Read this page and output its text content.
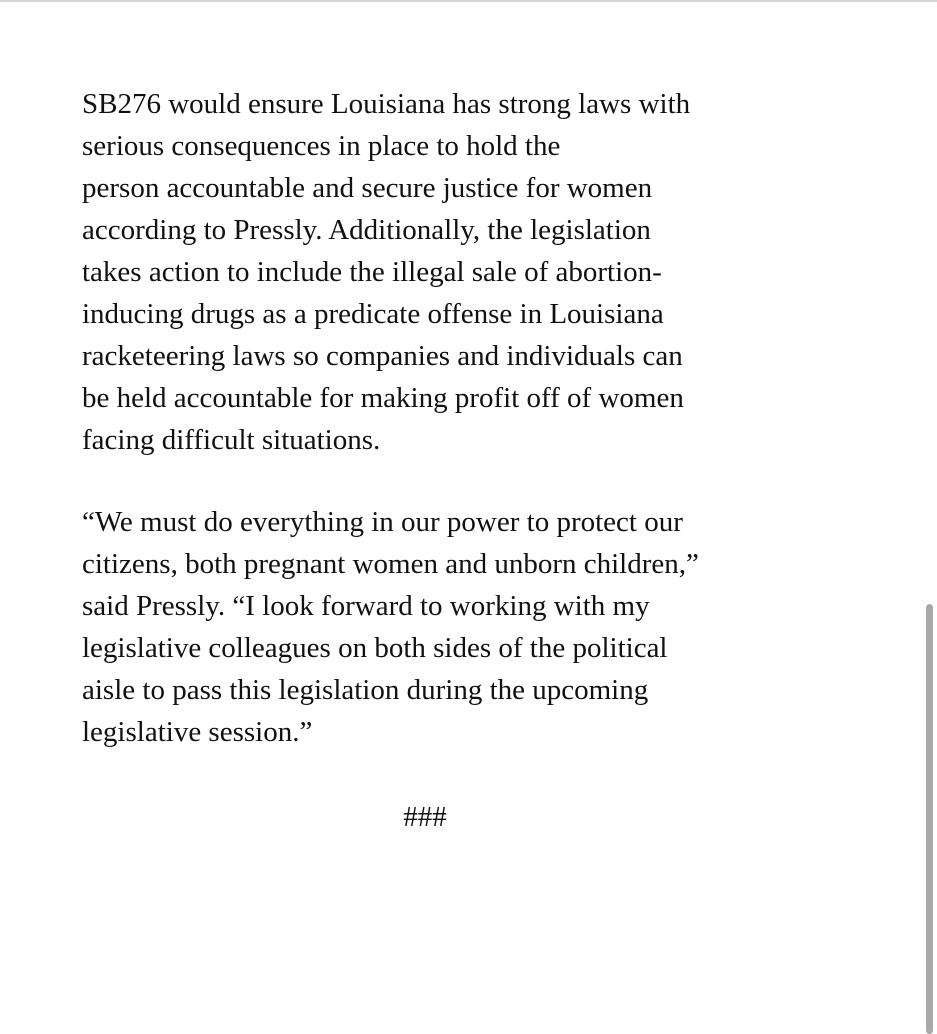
SB276 would ensure Louisiana has strong laws with
serious consequences in place to hold the
person accountable and secure justice for women
according to Pressly. Additionally, the legislation
takes action to include the illegal sale of abortion-
inducing drugs as a predicate offense in Louisiana
racketeering laws so companies and individuals can
be held accountable for making profit off of women
facing difficult situations.
“We must do everything in our power to protect our
citizens, both pregnant women and unborn children,”
said Pressly. “I look forward to working with my
legislative colleagues on both sides of the political
aisle to pass this legislation during the upcoming
legislative session.”
###
